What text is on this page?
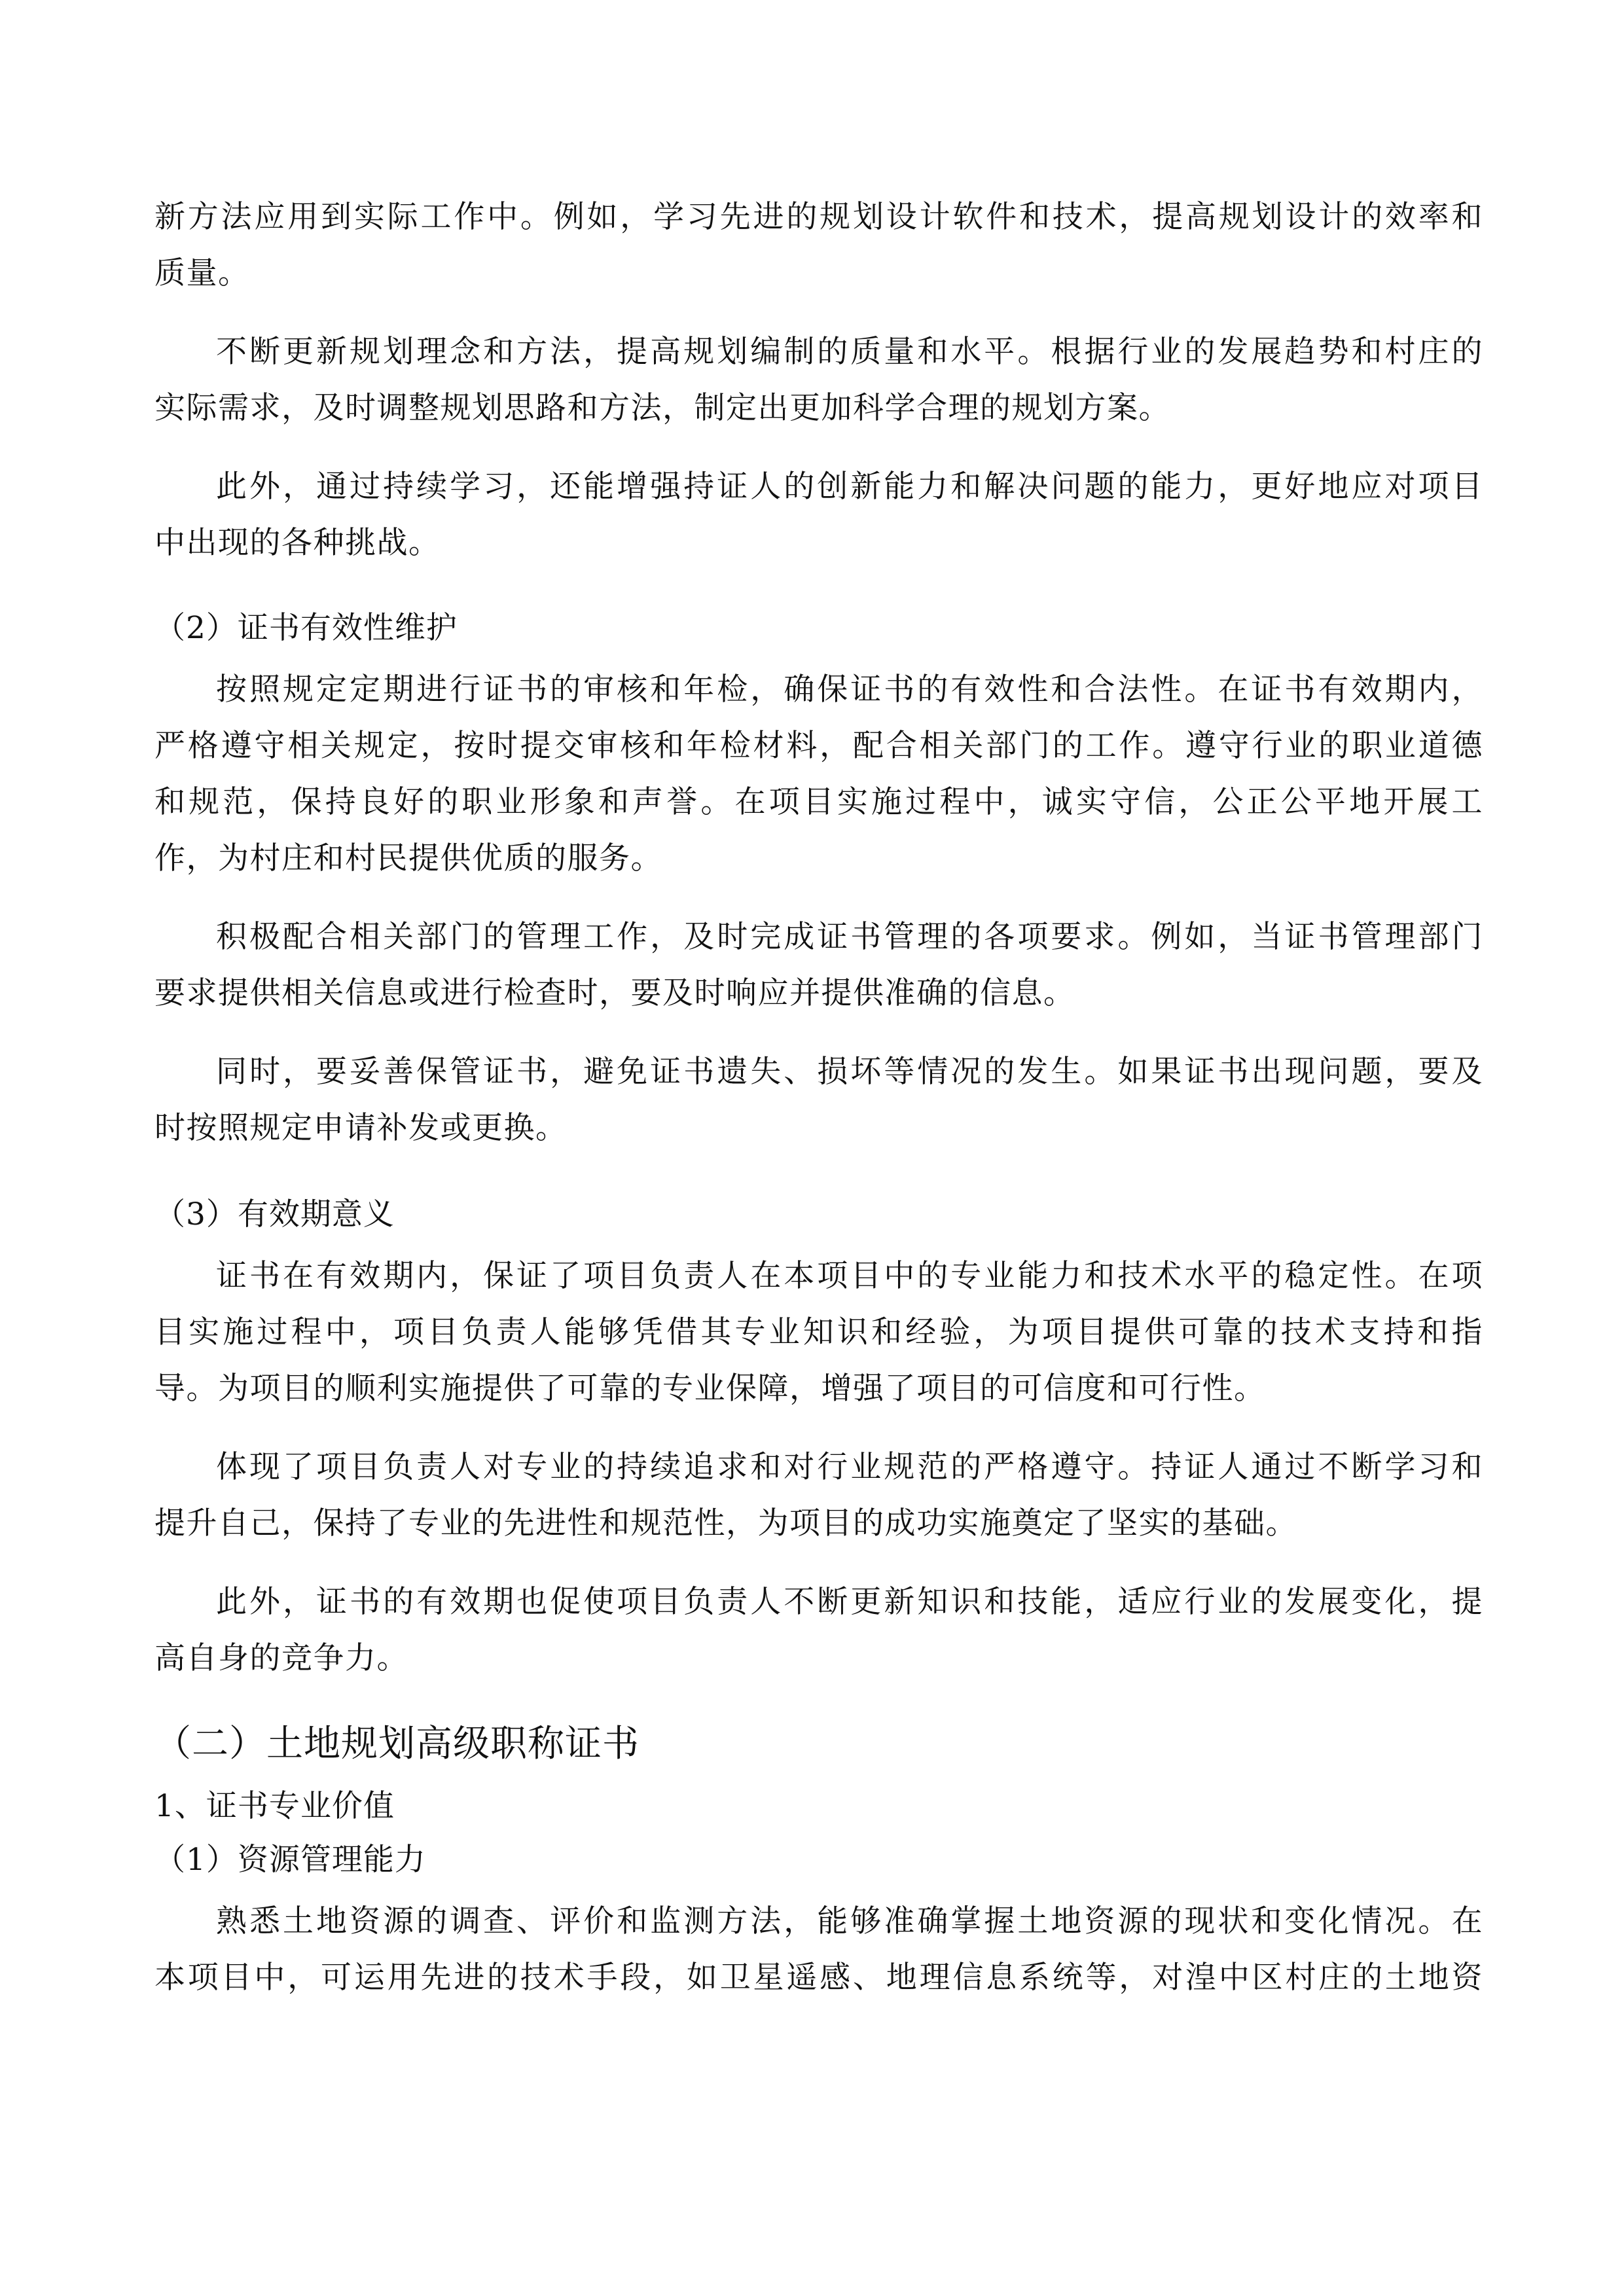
新方法应用到实际工作中。例如，学习先进的规划设计软件和技术，提高规划设计的效率和
质量。
不断更新规划理念和方法，提高规划编制的质量和水平。根据行业的发展趋势和村庄的
实际需求，及时调整规划思路和方法，制定出更加科学合理的规划方案。
此外，通过持续学习，还能增强持证人的创新能力和解决问题的能力，更好地应对项目
中出现的各种挑战。
（2）证书有效性维护
按照规定定期进行证书的审核和年检，确保证书的有效性和合法性。在证书有效期内，
严格遵守相关规定，按时提交审核和年检材料，配合相关部门的工作。遵守行业的职业道德
和规范，保持良好的职业形象和声誉。在项目实施过程中，诚实守信，公正公平地开展工
作，为村庄和村民提供优质的服务。
积极配合相关部门的管理工作，及时完成证书管理的各项要求。例如，当证书管理部门
要求提供相关信息或进行检查时，要及时响应并提供准确的信息。
同时，要妥善保管证书，避免证书遗失、损坏等情况的发生。如果证书出现问题，要及
时按照规定申请补发或更换。
（3）有效期意义
证书在有效期内，保证了项目负责人在本项目中的专业能力和技术水平的稳定性。在项
目实施过程中，项目负责人能够凭借其专业知识和经验，为项目提供可靠的技术支持和指
导。为项目的顺利实施提供了可靠的专业保障，增强了项目的可信度和可行性。
体现了项目负责人对专业的持续追求和对行业规范的严格遵守。持证人通过不断学习和
提升自己，保持了专业的先进性和规范性，为项目的成功实施奠定了坚实的基础。
此外，证书的有效期也促使项目负责人不断更新知识和技能，适应行业的发展变化，提
高自身的竞争力。
（二）土地规划高级职称证书
1、证书专业价值
（1）资源管理能力
熟悉土地资源的调查、评价和监测方法，能够准确掌握土地资源的现状和变化情况。在
本项目中，可运用先进的技术手段，如卫星遥感、地理信息系统等，对湟中区村庄的土地资
